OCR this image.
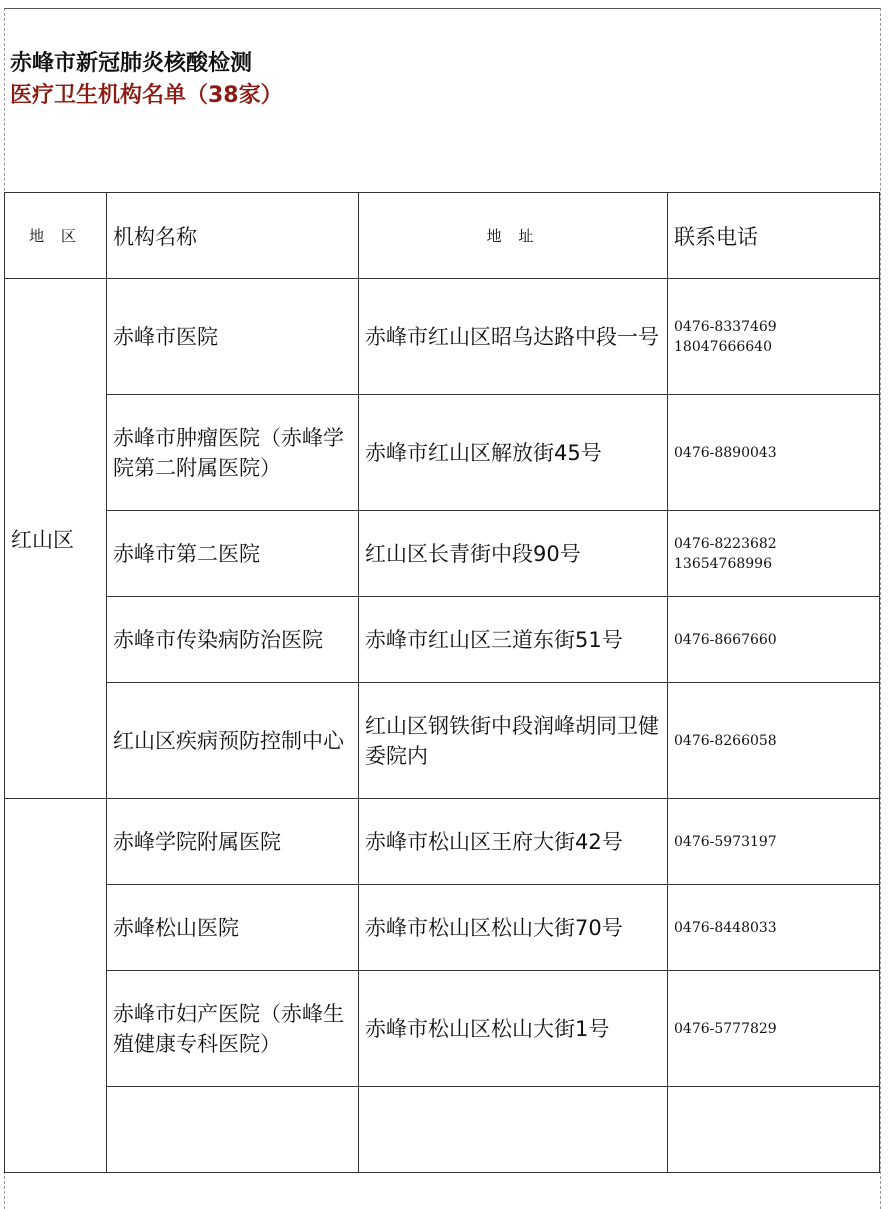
赤峰市新冠肺炎核酸检测
医疗卫生机构名单（38家）
地 区	机构名称	地 址	联系电话
红山区	赤峰市医院	赤峰市红山区昭乌达路中段一号	0476-8337469
18047666640

	赤峰市肿瘤医院（赤峰学院第二附属医院）	赤峰市红山区解放街45号	0476-8890043

	赤峰市第二医院	红山区长青街中段90号	0476-8223682
13654768996

	赤峰市传染病防治医院	赤峰市红山区三道东街51号	0476-8667660

	红山区疾病预防控制中心	红山区钢铁街中段润峰胡同卫健委院内	0476-8266058

	赤峰学院附属医院	赤峰市松山区王府大街42号	0476-5973197

	赤峰松山医院	赤峰市松山区松山大街70号	0476-8448033

	赤峰市妇产医院（赤峰生殖健康专科医院）	赤峰市松山区松山大街1号	0476-5777829
